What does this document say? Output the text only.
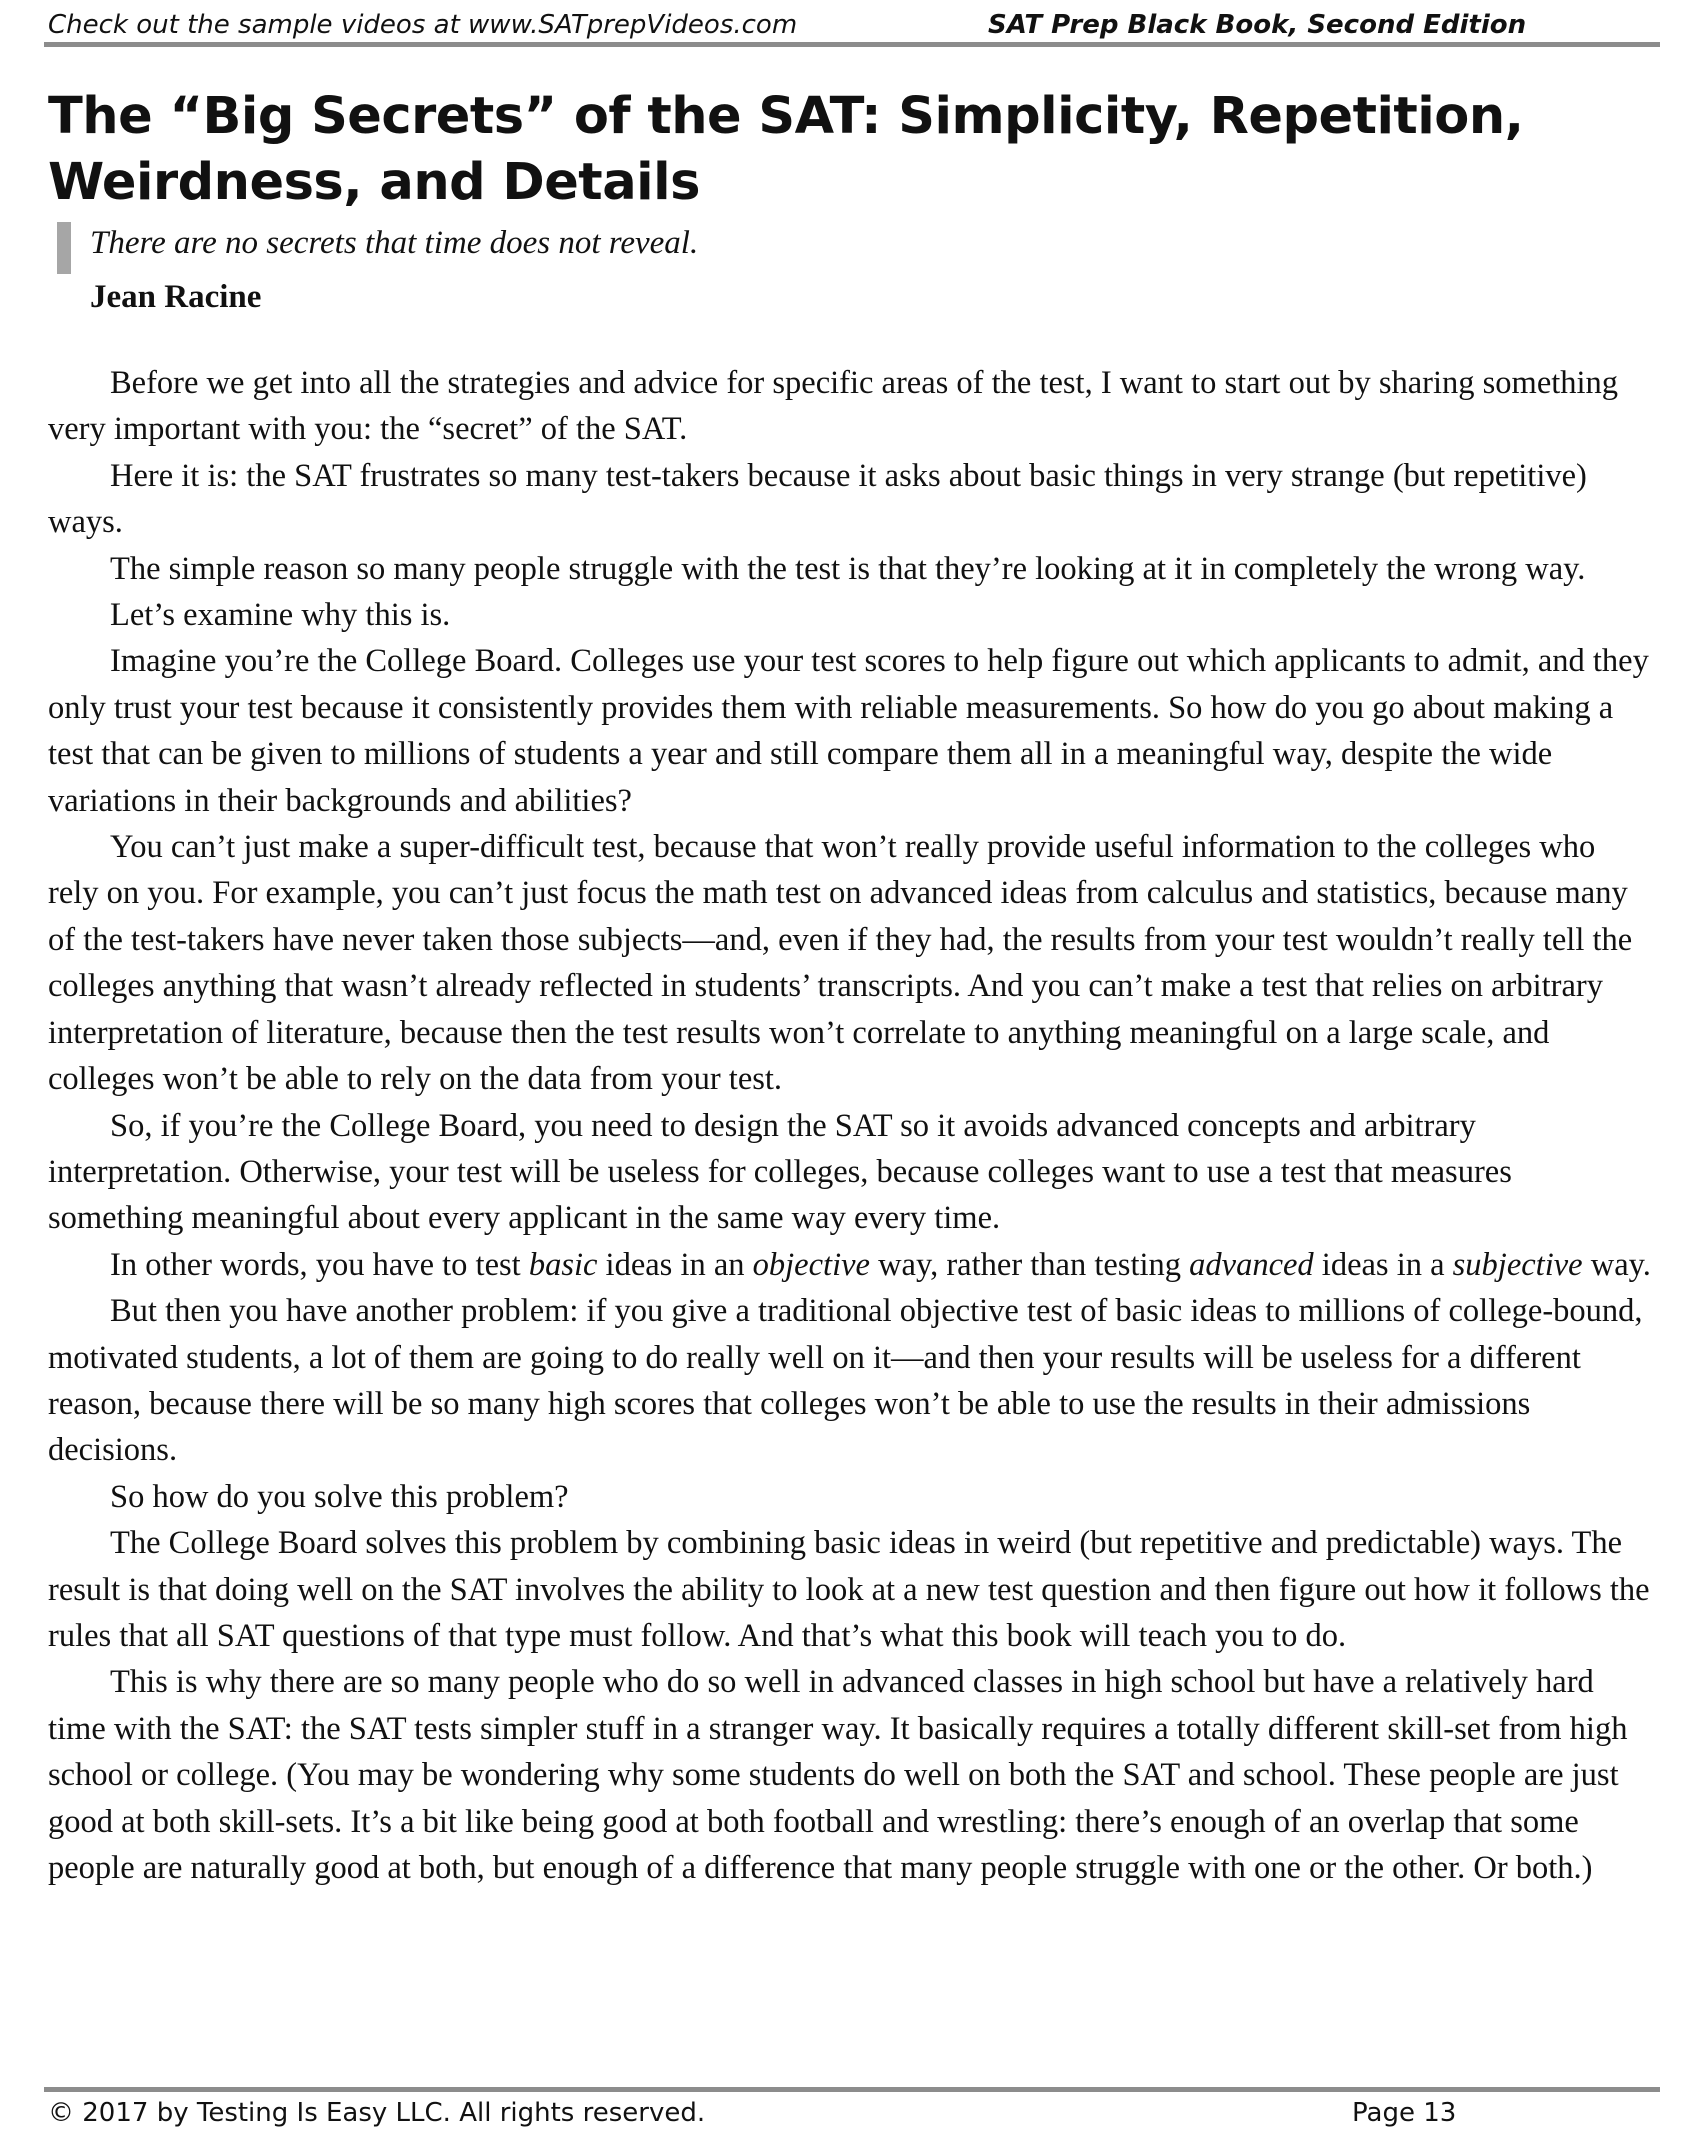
Check out the sample videos at www.SATprepVideos.com	SAT Prep Black Book, Second Edition
The “Big Secrets” of the SAT: Simplicity, Repetition, Weirdness, and Details
There are no secrets that time does not reveal.
Jean Racine

Before we get into all the strategies and advice for specific areas of the test, I want to start out by sharing something very important with you: the “secret” of the SAT.

Here it is: the SAT frustrates so many test-takers because it asks about basic things in very strange (but repetitive) ways.

The simple reason so many people struggle with the test is that they’re looking at it in completely the wrong way.

Let’s examine why this is.

Imagine you’re the College Board. Colleges use your test scores to help figure out which applicants to admit, and they only trust your test because it consistently provides them with reliable measurements. So how do you go about making a test that can be given to millions of students a year and still compare them all in a meaningful way, despite the wide variations in their backgrounds and abilities?

You can’t just make a super-difficult test, because that won’t really provide useful information to the colleges who rely on you. For example, you can’t just focus the math test on advanced ideas from calculus and statistics, because many of the test-takers have never taken those subjects—and, even if they had, the results from your test wouldn’t really tell the colleges anything that wasn’t already reflected in students’ transcripts. And you can’t make a test that relies on arbitrary interpretation of literature, because then the test results won’t correlate to anything meaningful on a large scale, and colleges won’t be able to rely on the data from your test.

So, if you’re the College Board, you need to design the SAT so it avoids advanced concepts and arbitrary interpretation. Otherwise, your test will be useless for colleges, because colleges want to use a test that measures something meaningful about every applicant in the same way every time.

In other words, you have to test basic ideas in an objective way, rather than testing advanced ideas in a subjective way.

But then you have another problem: if you give a traditional objective test of basic ideas to millions of college-bound, motivated students, a lot of them are going to do really well on it—and then your results will be useless for a different reason, because there will be so many high scores that colleges won’t be able to use the results in their admissions decisions.

So how do you solve this problem?

The College Board solves this problem by combining basic ideas in weird (but repetitive and predictable) ways. The result is that doing well on the SAT involves the ability to look at a new test question and then figure out how it follows the rules that all SAT questions of that type must follow. And that’s what this book will teach you to do.

This is why there are so many people who do so well in advanced classes in high school but have a relatively hard time with the SAT: the SAT tests simpler stuff in a stranger way. It basically requires a totally different skill-set from high school or college. (You may be wondering why some students do well on both the SAT and school. These people are just good at both skill-sets. It’s a bit like being good at both football and wrestling: there’s enough of an overlap that some people are naturally good at both, but enough of a difference that many people struggle with one or the other. Or both.)

© 2017 by Testing Is Easy LLC. All rights reserved.	Page 13
